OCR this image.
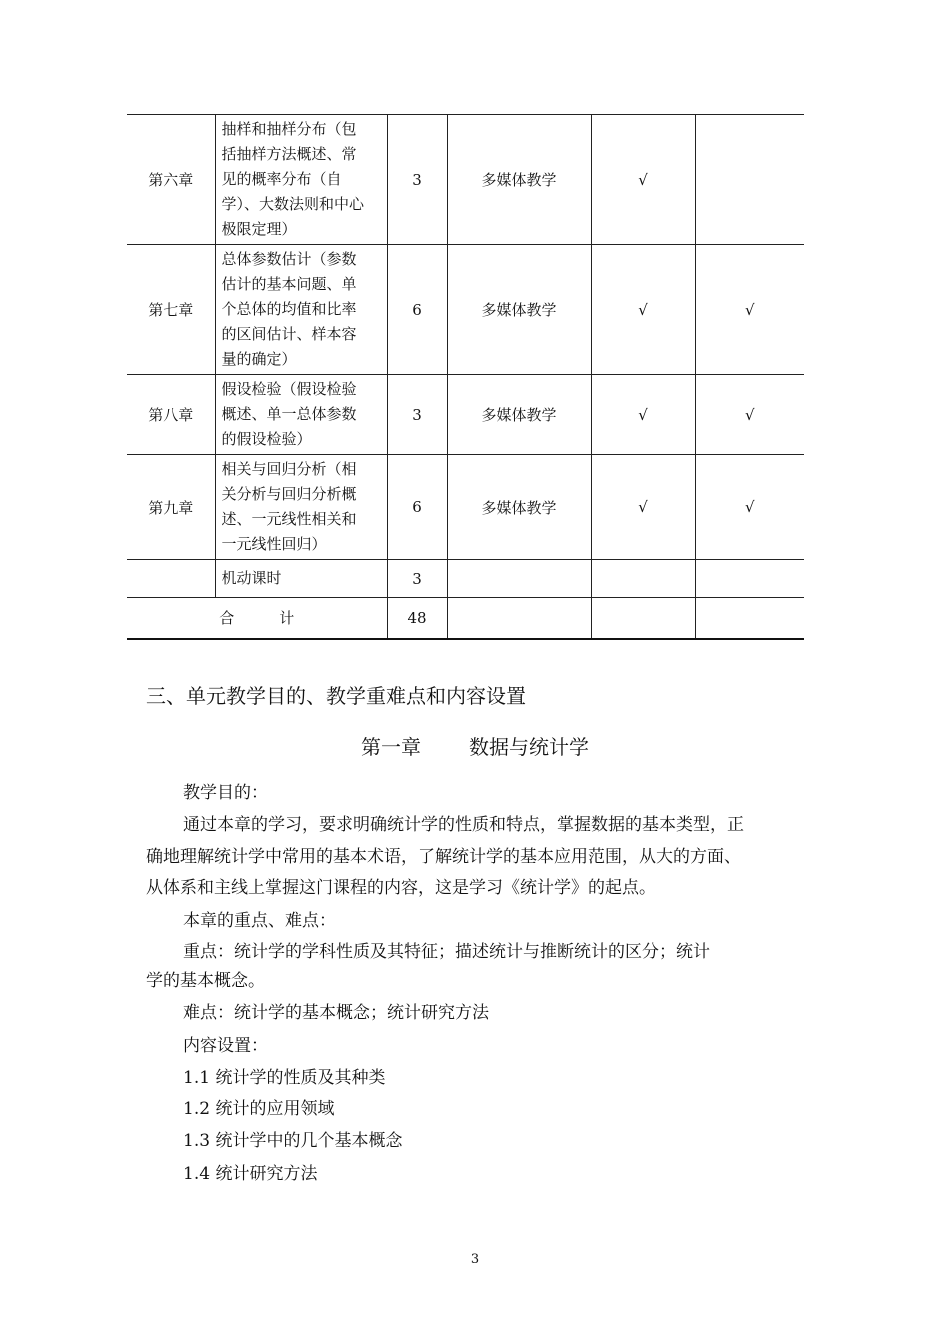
第六章	抽样和抽样分布（包
括抽样方法概述、常
见的概率分布（自
学）、大数法则和中心
极限定理）	3	多媒体教学	√	
第七章	总体参数估计（参数
估计的基本问题、单
个总体的均值和比率
的区间估计、样本容
量的确定）	6	多媒体教学	√	√
第八章	假设检验（假设检验
概述、单一总体参数
的假设检验）	3	多媒体教学	√	√
第九章	相关与回归分析（相
关分析与回归分析概
述、一元线性相关和
一元线性回归）	6	多媒体教学	√	√

	机动课时	3			
合　　　计		48			
三、单元教学目的、教学重难点和内容设置
第一章 数据与统计学
教学目的：
通过本章的学习，要求明确统计学的性质和特点，掌握数据的基本类型，正
确地理解统计学中常用的基本术语，了解统计学的基本应用范围，从大的方面、
从体系和主线上掌握这门课程的内容，这是学习《统计学》的起点。
本章的重点、难点：
重点：统计学的学科性质及其特征；描述统计与推断统计的区分；统计
学的基本概念。
难点：统计学的基本概念；统计研究方法
内容设置：
1.1 统计学的性质及其种类
1.2 统计的应用领域
1.3 统计学中的几个基本概念
1.4 统计研究方法
3
